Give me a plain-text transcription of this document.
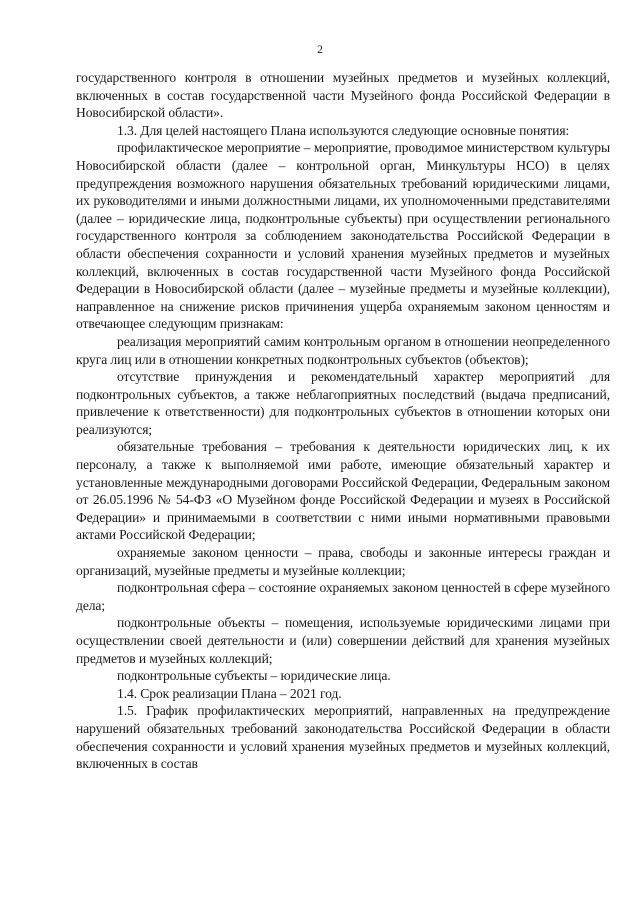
2

государственного контроля в отношении музейных предметов и музейных коллекций, включенных в состав государственной части Музейного фонда Российской Федерации в Новосибирской области».

1.3. Для целей настоящего Плана используются следующие основные понятия:

профилактическое мероприятие – мероприятие, проводимое министерством культуры Новосибирской области (далее – контрольной орган, Минкультуры НСО) в целях предупреждения возможного нарушения обязательных требований юридическими лицами, их руководителями и иными должностными лицами, их уполномоченными представителями (далее – юридические лица, подконтрольные субъекты) при осуществлении регионального государственного контроля за соблюдением законодательства Российской Федерации в области обеспечения сохранности и условий хранения музейных предметов и музейных коллекций, включенных в состав государственной части Музейного фонда Российской Федерации в Новосибирской области (далее – музейные предметы и музейные коллекции), направленное на снижение рисков причинения ущерба охраняемым законом ценностям и отвечающее следующим признакам:

реализация мероприятий самим контрольным органом в отношении неопределенного круга лиц или в отношении конкретных подконтрольных субъектов (объектов);

отсутствие принуждения и рекомендательный характер мероприятий для подконтрольных субъектов, а также неблагоприятных последствий (выдача предписаний, привлечение к ответственности) для подконтрольных субъектов в отношении которых они реализуются;

обязательные требования – требования к деятельности юридических лиц, к их персоналу, а также к выполняемой ими работе, имеющие обязательный характер и установленные международными договорами Российской Федерации, Федеральным законом от 26.05.1996 № 54-ФЗ «О Музейном фонде Российской Федерации и музеях в Российской Федерации» и принимаемыми в соответствии с ними иными нормативными правовыми актами Российской Федерации;

охраняемые законом ценности – права, свободы и законные интересы граждан и организаций, музейные предметы и музейные коллекции;

подконтрольная сфера – состояние охраняемых законом ценностей в сфере музейного дела;

подконтрольные объекты – помещения, используемые юридическими лицами при осуществлении своей деятельности и (или) совершении действий для хранения музейных предметов и музейных коллекций;

подконтрольные субъекты – юридические лица.

1.4. Срок реализации Плана – 2021 год.

1.5. График профилактических мероприятий, направленных на предупреждение нарушений обязательных требований законодательства Российской Федерации в области обеспечения сохранности и условий хранения музейных предметов и музейных коллекций, включенных в состав
